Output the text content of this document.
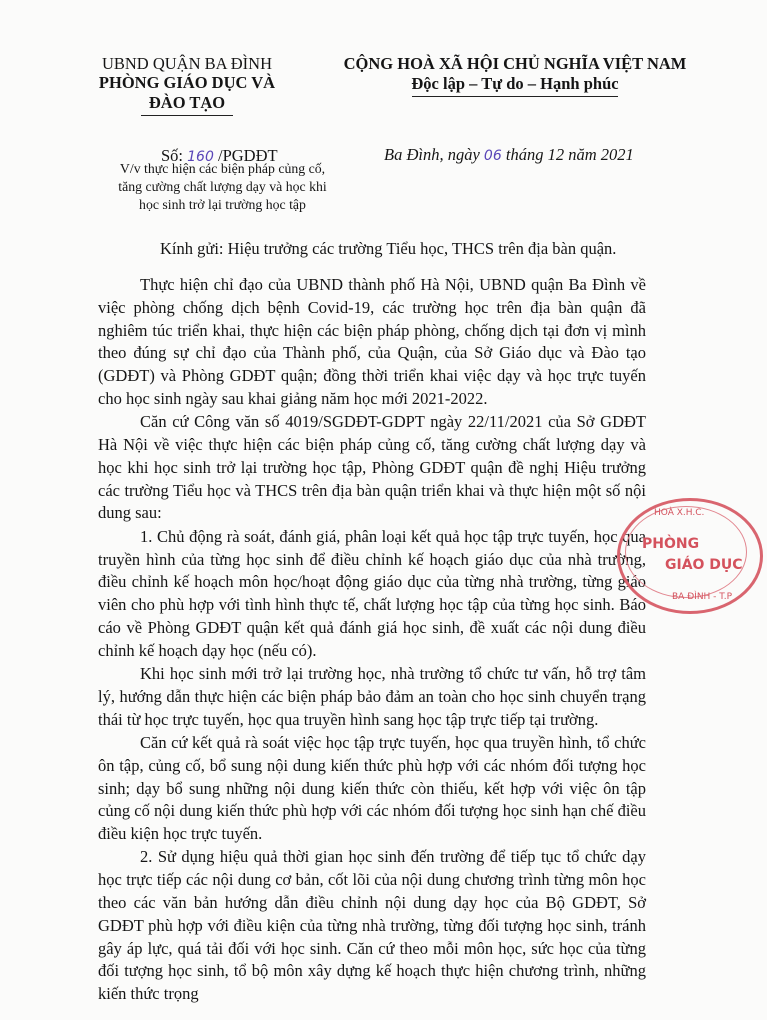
UBND QUẬN BA ĐÌNH
PHÒNG GIÁO DỤC VÀ ĐÀO TẠO
CỘNG HOÀ XÃ HỘI CHỦ NGHĨA VIỆT NAM
Độc lập – Tự do – Hạnh phúc
Số: 160 /PGDĐT
V/v thực hiện các biện pháp củng cố,
tăng cường chất lượng dạy và học khi
học sinh trở lại trường học tập
Ba Đình, ngày 06 tháng 12 năm 2021
Kính gửi: Hiệu trưởng các trường Tiểu học, THCS trên địa bàn quận.

Thực hiện chỉ đạo của UBND thành phố Hà Nội, UBND quận Ba Đình về việc phòng chống dịch bệnh Covid-19, các trường học trên địa bàn quận đã nghiêm túc triển khai, thực hiện các biện pháp phòng, chống dịch tại đơn vị mình theo đúng sự chỉ đạo của Thành phố, của Quận, của Sở Giáo dục và Đào tạo (GDĐT) và Phòng GDĐT quận; đồng thời triển khai việc dạy và học trực tuyến cho học sinh ngày sau khai giảng năm học mới 2021-2022.

Căn cứ Công văn số 4019/SGDĐT-GDPT ngày 22/11/2021 của Sở GDĐT Hà Nội về việc thực hiện các biện pháp củng cố, tăng cường chất lượng dạy và học khi học sinh trở lại trường học tập, Phòng GDĐT quận đề nghị Hiệu trưởng các trường Tiểu học và THCS trên địa bàn quận triển khai và thực hiện một số nội dung sau:

1. Chủ động rà soát, đánh giá, phân loại kết quả học tập trực tuyến, học qua truyền hình của từng học sinh để điều chỉnh kế hoạch giáo dục của nhà trường, điều chỉnh kế hoạch môn học/hoạt động giáo dục của từng nhà trường, từng giáo viên cho phù hợp với tình hình thực tế, chất lượng học tập của từng học sinh. Báo cáo về Phòng GDĐT quận kết quả đánh giá học sinh, đề xuất các nội dung điều chỉnh kế hoạch dạy học (nếu có).

Khi học sinh mới trở lại trường học, nhà trường tổ chức tư vấn, hỗ trợ tâm lý, hướng dẫn thực hiện các biện pháp bảo đảm an toàn cho học sinh chuyển trạng thái từ học trực tuyến, học qua truyền hình sang học tập trực tiếp tại trường.

Căn cứ kết quả rà soát việc học tập trực tuyến, học qua truyền hình, tổ chức ôn tập, củng cố, bổ sung nội dung kiến thức phù hợp với các nhóm đối tượng học sinh; dạy bổ sung những nội dung kiến thức còn thiếu, kết hợp với việc ôn tập củng cố nội dung kiến thức phù hợp với các nhóm đối tượng học sinh hạn chế điều điều kiện học trực tuyến.

2. Sử dụng hiệu quả thời gian học sinh đến trường để tiếp tục tổ chức dạy học trực tiếp các nội dung cơ bản, cốt lõi của nội dung chương trình từng môn học theo các văn bản hướng dẫn điều chỉnh nội dung dạy học của Bộ GDĐT, Sở GDĐT phù hợp với điều kiện của từng nhà trường, từng đối tượng học sinh, tránh gây áp lực, quá tải đối với học sinh. Căn cứ theo mỗi môn học, sức học của từng đối tượng học sinh, tổ bộ môn xây dựng kế hoạch thực hiện chương trình, những kiến thức trọng

HOÀ X.H.C.
PHÒNG
GIÁO DỤC
BA ĐÌNH - T.P
